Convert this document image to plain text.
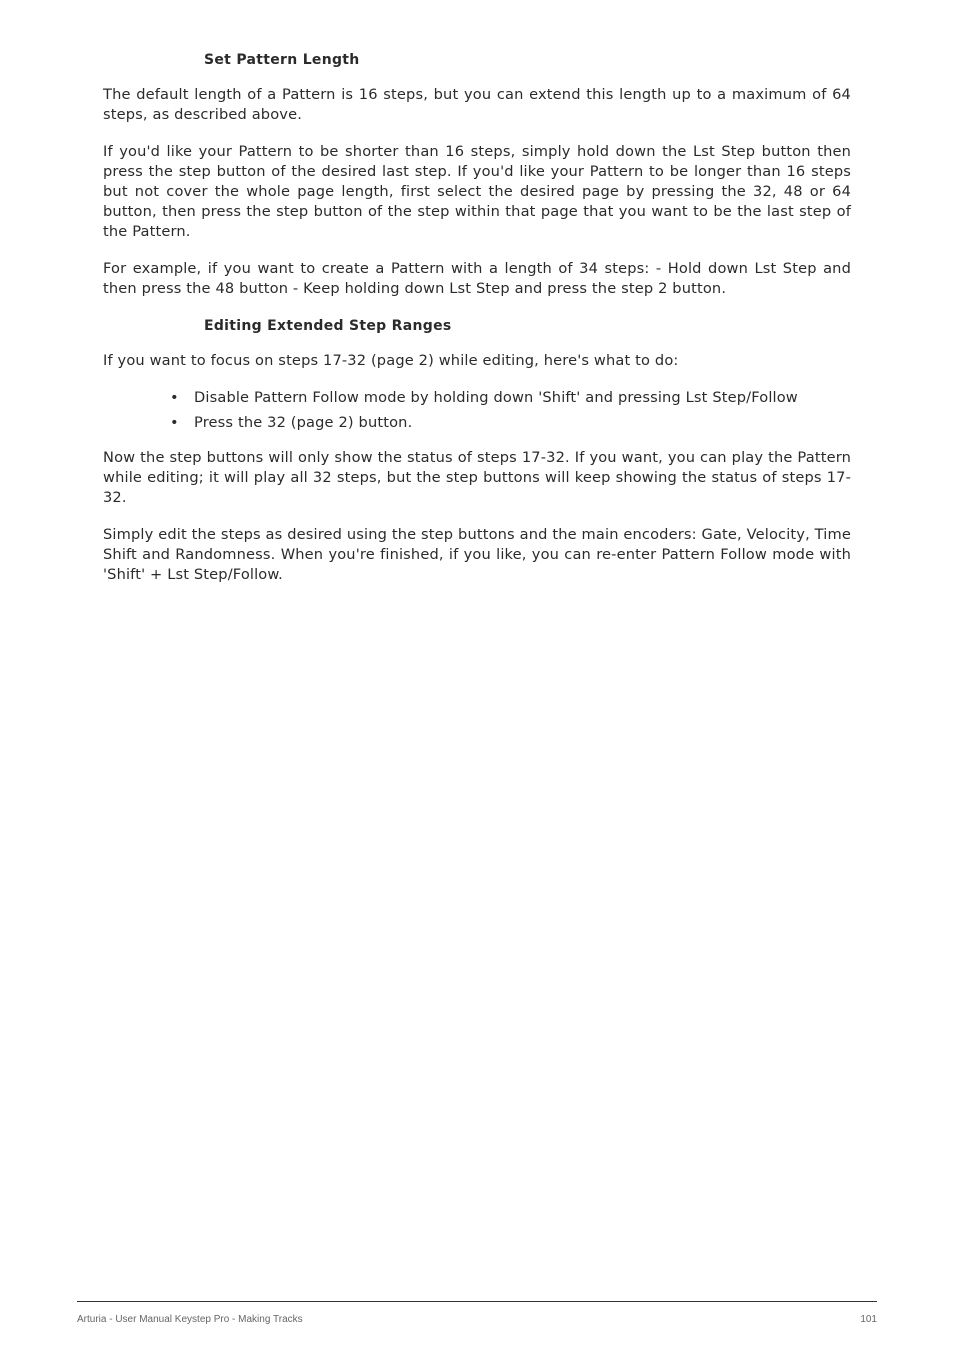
Set Pattern Length

The default length of a Pattern is 16 steps, but you can extend this length up to a maximum of 64 steps, as described above.

If you'd like your Pattern to be shorter than 16 steps, simply hold down the Lst Step button then press the step button of the desired last step. If you'd like your Pattern to be longer than 16 steps but not cover the whole page length, first select the desired page by pressing the 32, 48 or 64 button, then press the step button of the step within that page that you want to be the last step of the Pattern.

For example, if you want to create a Pattern with a length of 34 steps: - Hold down Lst Step and then press the 48 button - Keep holding down Lst Step and press the step 2 button.

Editing Extended Step Ranges

If you want to focus on steps 17-32 (page 2) while editing, here's what to do:

• Disable Pattern Follow mode by holding down 'Shift' and pressing Lst Step/Follow
• Press the 32 (page 2) button.

Now the step buttons will only show the status of steps 17-32. If you want, you can play the Pattern while editing; it will play all 32 steps, but the step buttons will keep showing the status of steps 17-32.

Simply edit the steps as desired using the step buttons and the main encoders: Gate, Velocity, Time Shift and Randomness. When you're finished, if you like, you can re-enter Pattern Follow mode with 'Shift' + Lst Step/Follow.

Arturia - User Manual Keystep Pro - Making Tracks	101
